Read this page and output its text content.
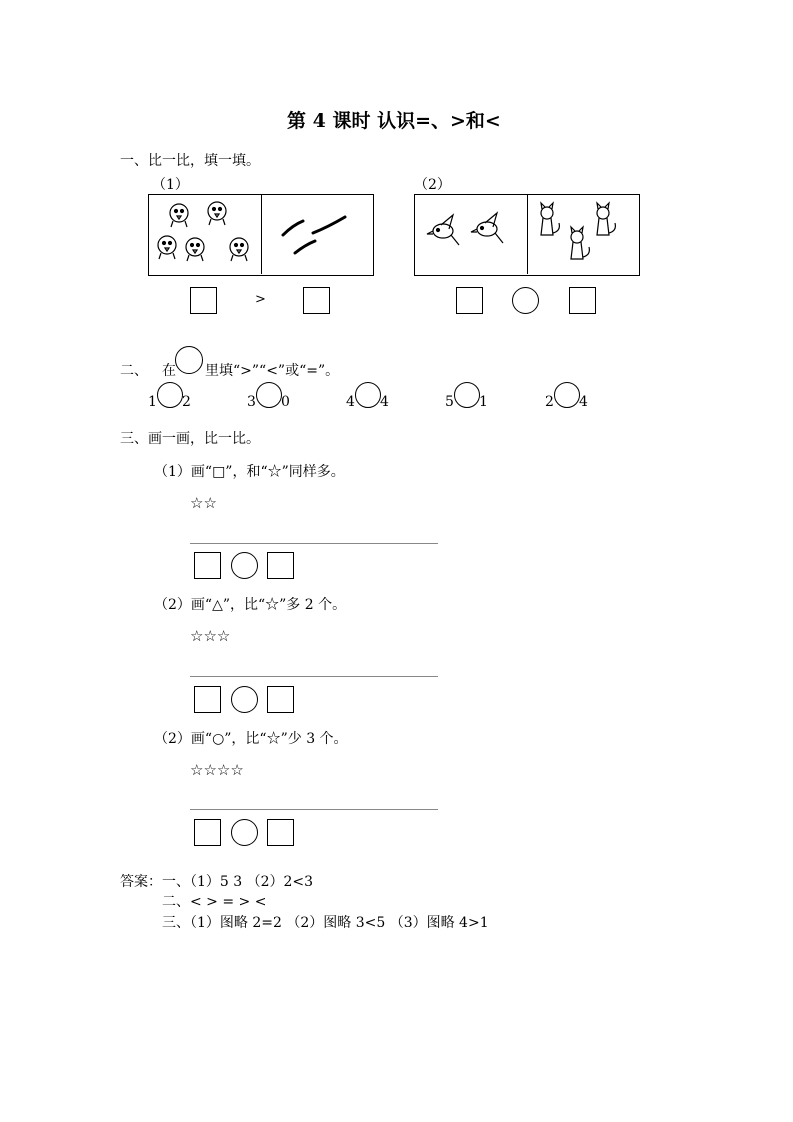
第 4 课时 认识=、>和<
一、比一比，填一填。
（1）	（2）
>
二、 在 里填“>”“<”或“=”。
1 2	3 0	4 4	5 1	2 4
三、画一画，比一比。
（1）画“□”，和“☆”同样多。
☆☆
（2）画“△”，比“☆”多 2 个。
☆☆☆
（2）画“○”，比“☆”少 3 个。
☆☆☆☆
答案：一、（1）5 3 （2）2<3
二、< > = > <
三、（1）图略 2=2 （2）图略 3<5 （3）图略 4>1
